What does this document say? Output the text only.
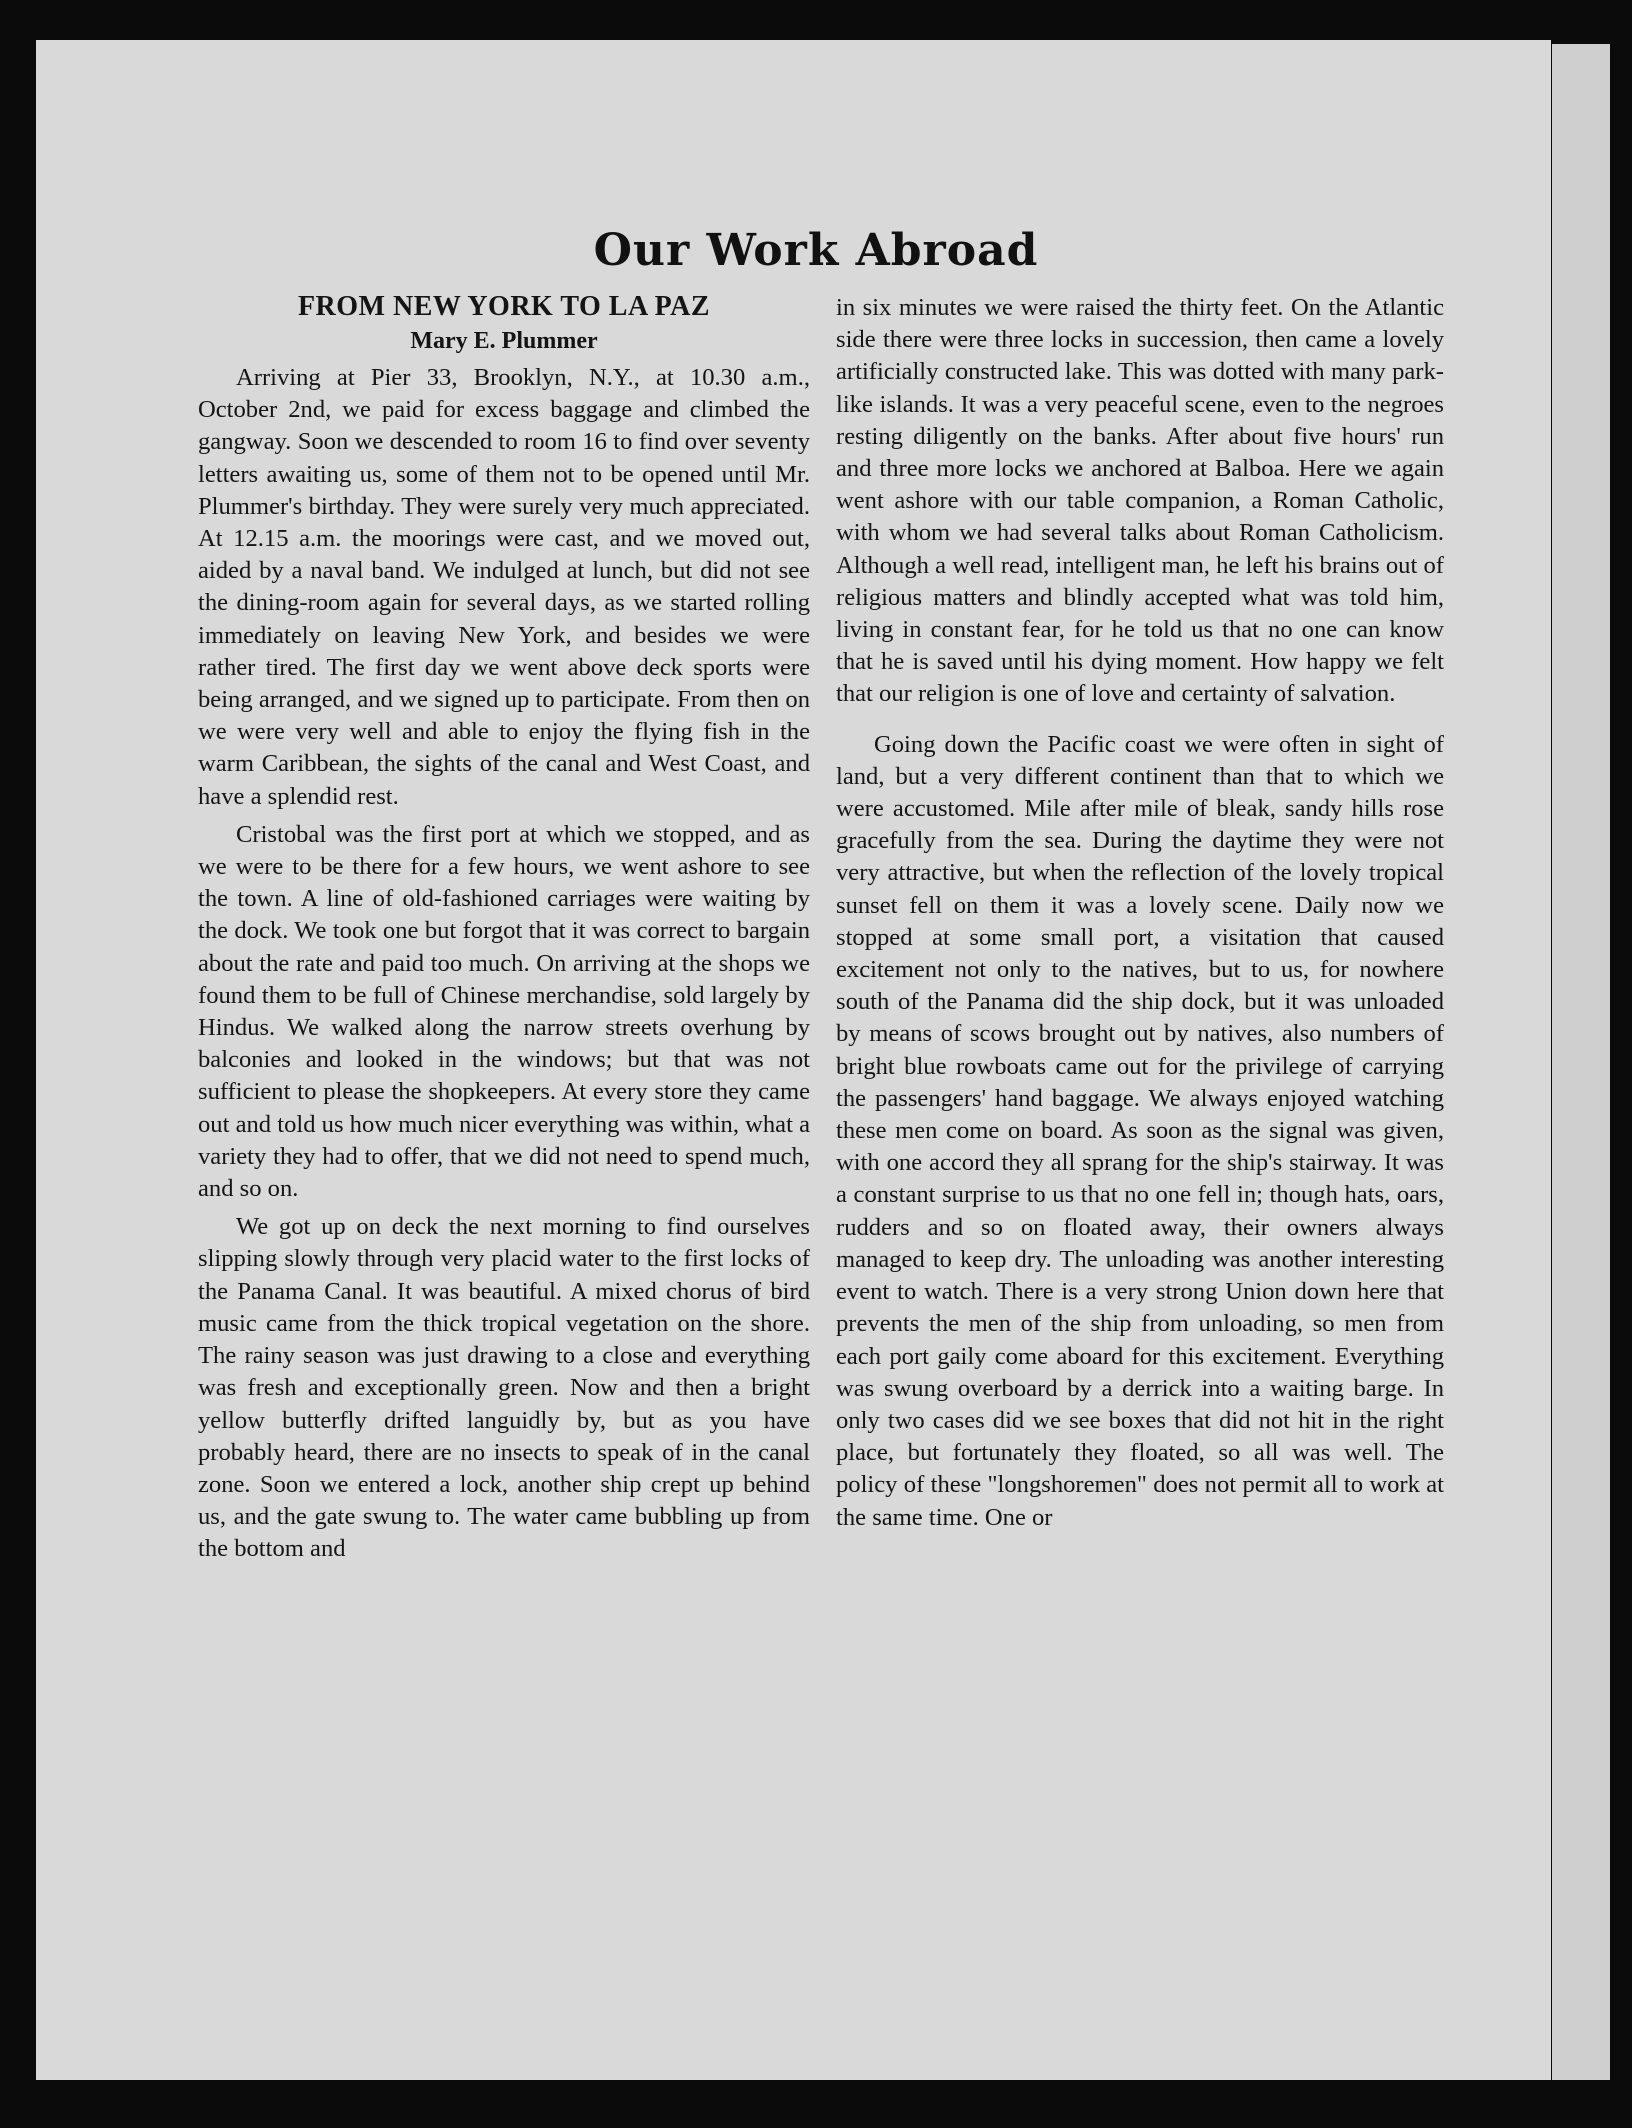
Our Work Abroad
FROM NEW YORK TO LA PAZ
Mary E. Plummer

Arriving at Pier 33, Brooklyn, N.Y., at 10.30 a.m., October 2nd, we paid for excess baggage and climbed the gangway. Soon we descended to room 16 to find over seventy letters awaiting us, some of them not to be opened until Mr. Plummer's birthday. They were surely very much appreciated. At 12.15 a.m. the moorings were cast, and we moved out, aided by a naval band. We indulged at lunch, but did not see the dining-room again for several days, as we started rolling immediately on leaving New York, and besides we were rather tired. The first day we went above deck sports were being arranged, and we signed up to participate. From then on we were very well and able to enjoy the flying fish in the warm Caribbean, the sights of the canal and West Coast, and have a splendid rest.

Cristobal was the first port at which we stopped, and as we were to be there for a few hours, we went ashore to see the town. A line of old-fashioned carriages were waiting by the dock. We took one but forgot that it was correct to bargain about the rate and paid too much. On arriving at the shops we found them to be full of Chinese merchandise, sold largely by Hindus. We walked along the narrow streets overhung by balconies and looked in the windows; but that was not sufficient to please the shopkeepers. At every store they came out and told us how much nicer everything was within, what a variety they had to offer, that we did not need to spend much, and so on.

We got up on deck the next morning to find ourselves slipping slowly through very placid water to the first locks of the Panama Canal. It was beautiful. A mixed chorus of bird music came from the thick tropical vegetation on the shore. The rainy season was just drawing to a close and everything was fresh and exceptionally green. Now and then a bright yellow butterfly drifted languidly by, but as you have probably heard, there are no insects to speak of in the canal zone. Soon we entered a lock, another ship crept up behind us, and the gate swung to. The water came bubbling up from the bottom and

in six minutes we were raised the thirty feet. On the Atlantic side there were three locks in succession, then came a lovely artificially constructed lake. This was dotted with many park-like islands. It was a very peaceful scene, even to the negroes resting diligently on the banks. After about five hours' run and three more locks we anchored at Balboa. Here we again went ashore with our table companion, a Roman Catholic, with whom we had several talks about Roman Catholicism. Although a well read, intelligent man, he left his brains out of religious matters and blindly accepted what was told him, living in constant fear, for he told us that no one can know that he is saved until his dying moment. How happy we felt that our religion is one of love and certainty of salvation.

Going down the Pacific coast we were often in sight of land, but a very different continent than that to which we were accustomed. Mile after mile of bleak, sandy hills rose gracefully from the sea. During the daytime they were not very attractive, but when the reflection of the lovely tropical sunset fell on them it was a lovely scene. Daily now we stopped at some small port, a visitation that caused excitement not only to the natives, but to us, for nowhere south of the Panama did the ship dock, but it was unloaded by means of scows brought out by natives, also numbers of bright blue rowboats came out for the privilege of carrying the passengers' hand baggage. We always enjoyed watching these men come on board. As soon as the signal was given, with one accord they all sprang for the ship's stairway. It was a constant surprise to us that no one fell in; though hats, oars, rudders and so on floated away, their owners always managed to keep dry. The unloading was another interesting event to watch. There is a very strong Union down here that prevents the men of the ship from unloading, so men from each port gaily come aboard for this excitement. Everything was swung overboard by a derrick into a waiting barge. In only two cases did we see boxes that did not hit in the right place, but fortunately they floated, so all was well. The policy of these "longshoremen" does not permit all to work at the same time. One or
